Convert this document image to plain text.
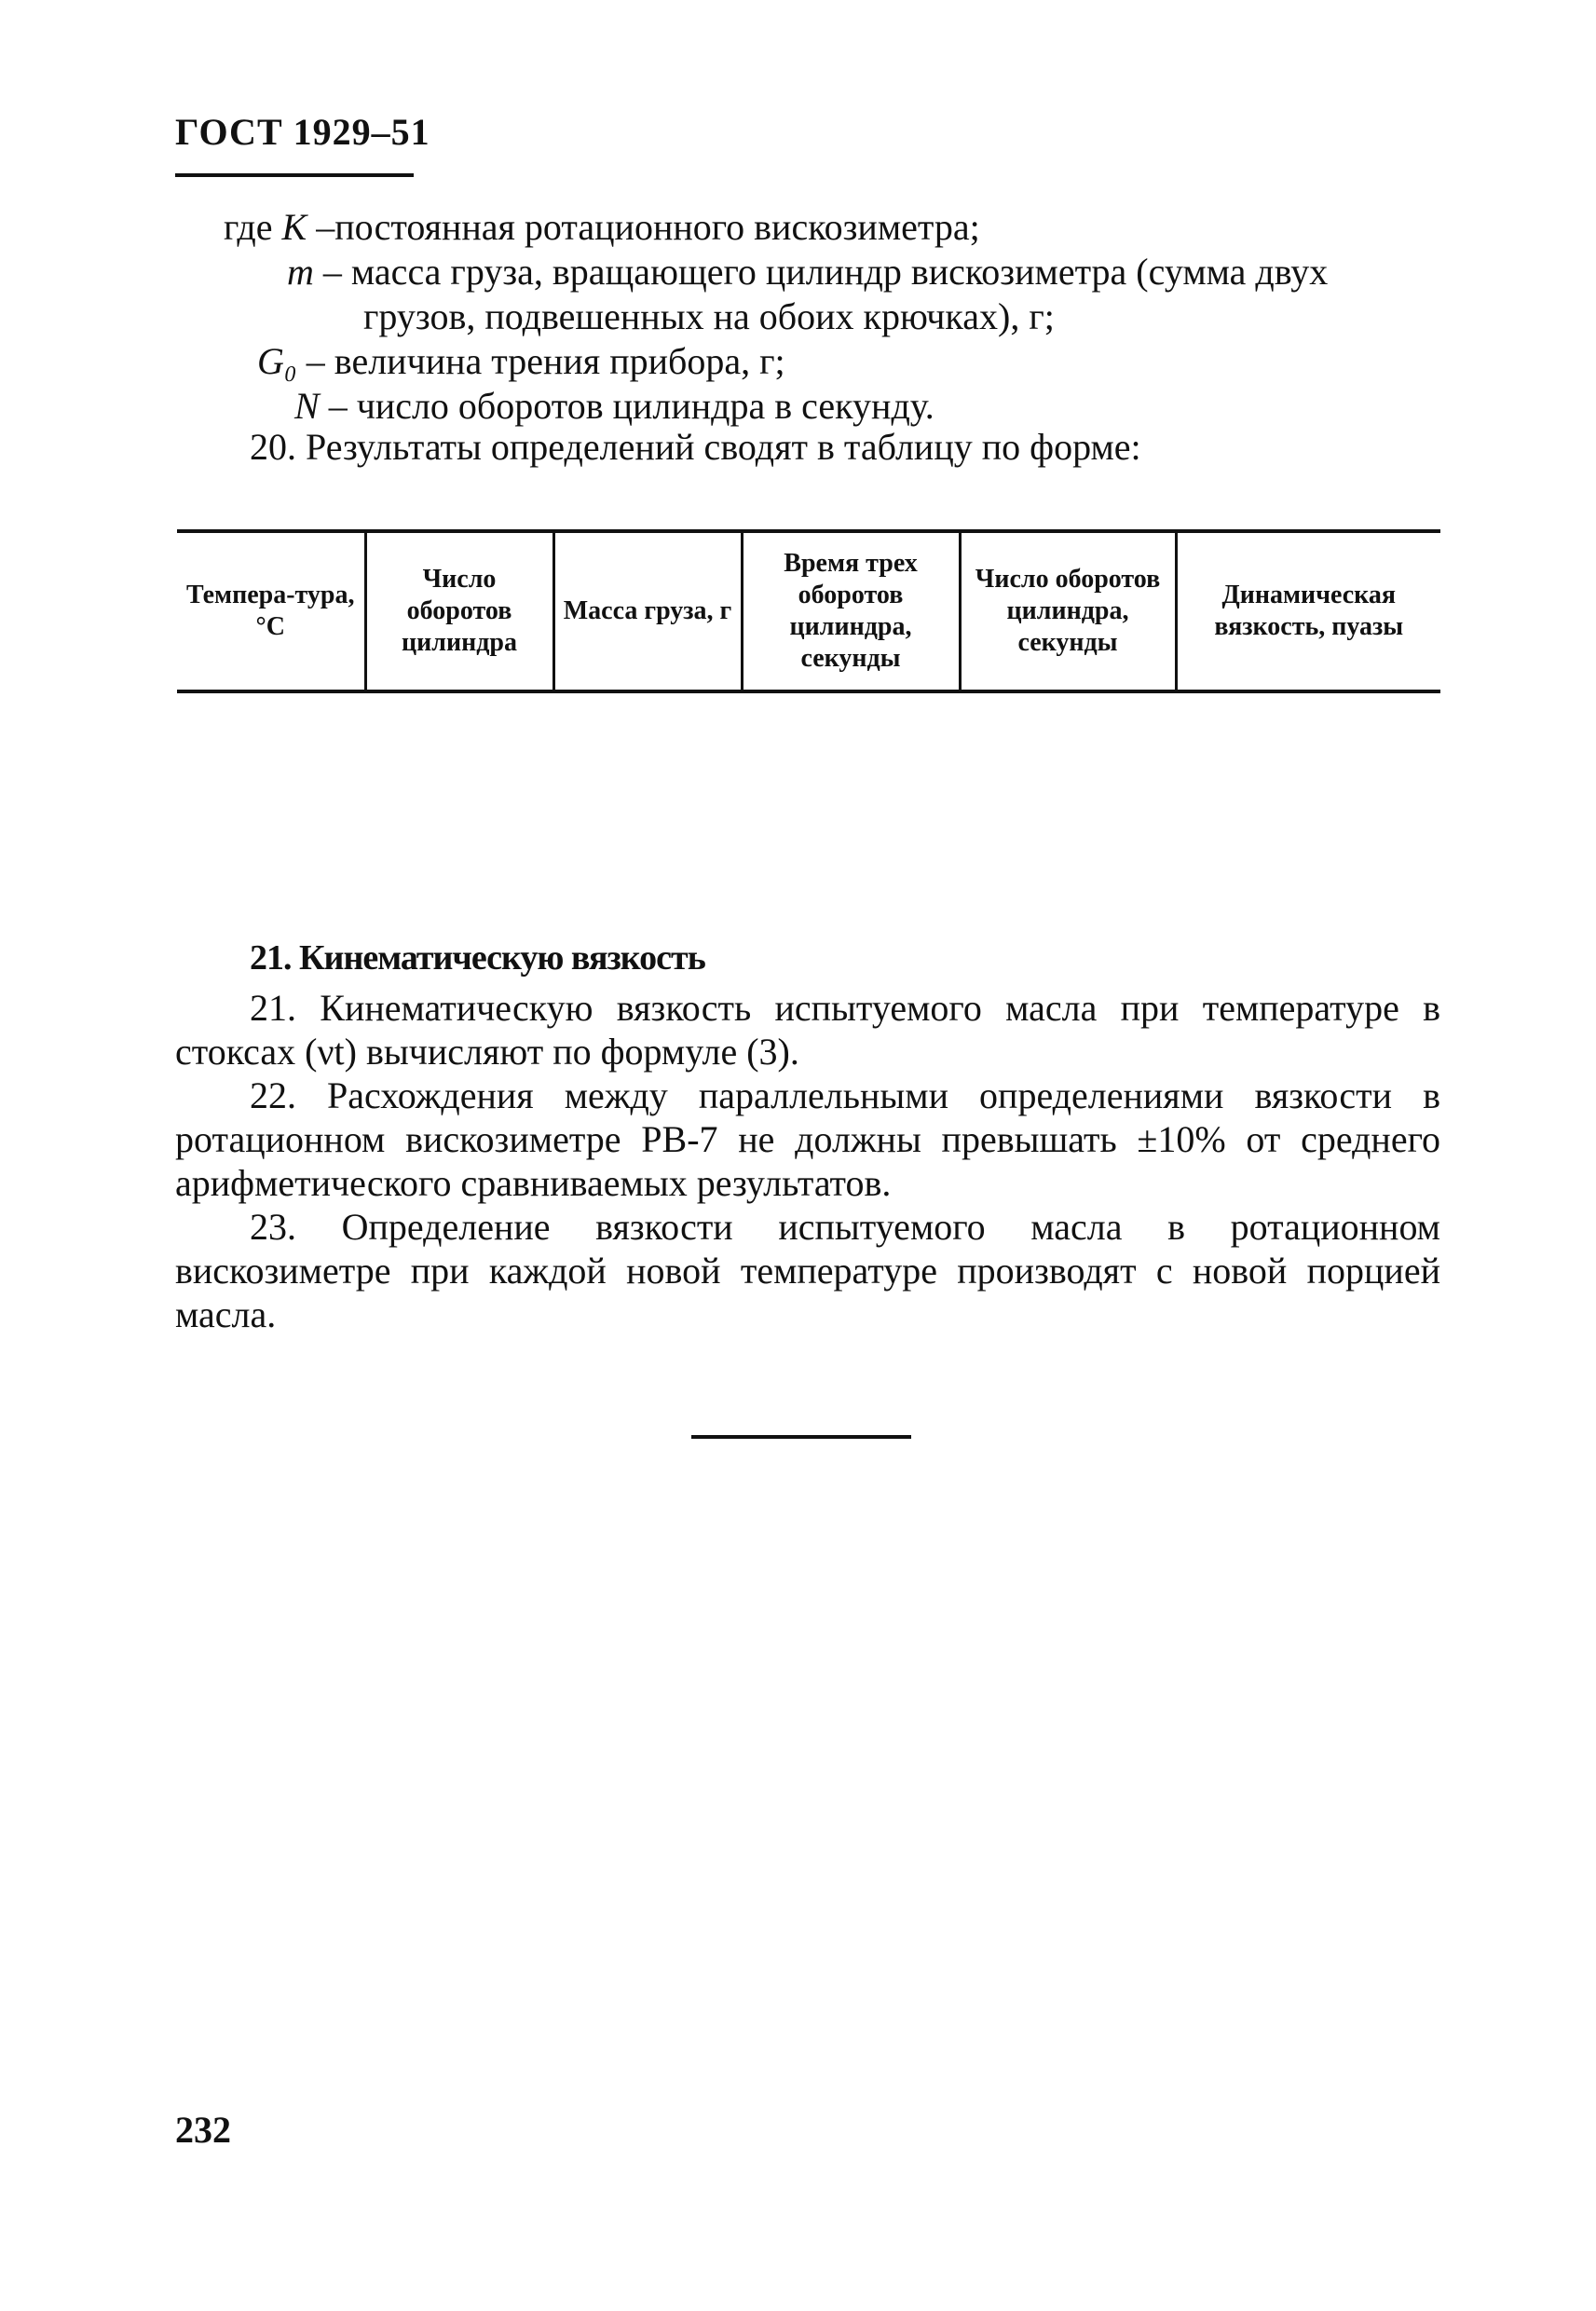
ГОСТ 1929–51
где K –постоянная ротационного вискозиметра;
m – масса груза, вращающего цилиндр вискозиметра (сумма двух
грузов, подвешенных на обоих крючках), г;
G₀ – величина трения прибора, г;
N – число оборотов цилиндра в секунду.
20. Результаты определений сводят в таблицу по форме:
Темпера-тура, °С	Число оборотов цилиндра	Масса груза, г	Время трех оборотов цилиндра, секунды	Число оборотов цилиндра, секунды	Динамическая вязкость, пуазы
21. Кинематическую вязкость

21. Кинематическую вязкость испытуемого масла при температуре в стоксах (νt) вычисляют по формуле (3).

22. Расхождения между параллельными определениями вязкости в ротационном вискозиметре РВ-7 не должны превышать ±10% от среднего арифметического сравниваемых результатов.

23. Определение вязкости испытуемого масла в ротационном вискозиметре при каждой новой температуре производят с новой порцией масла.

232
